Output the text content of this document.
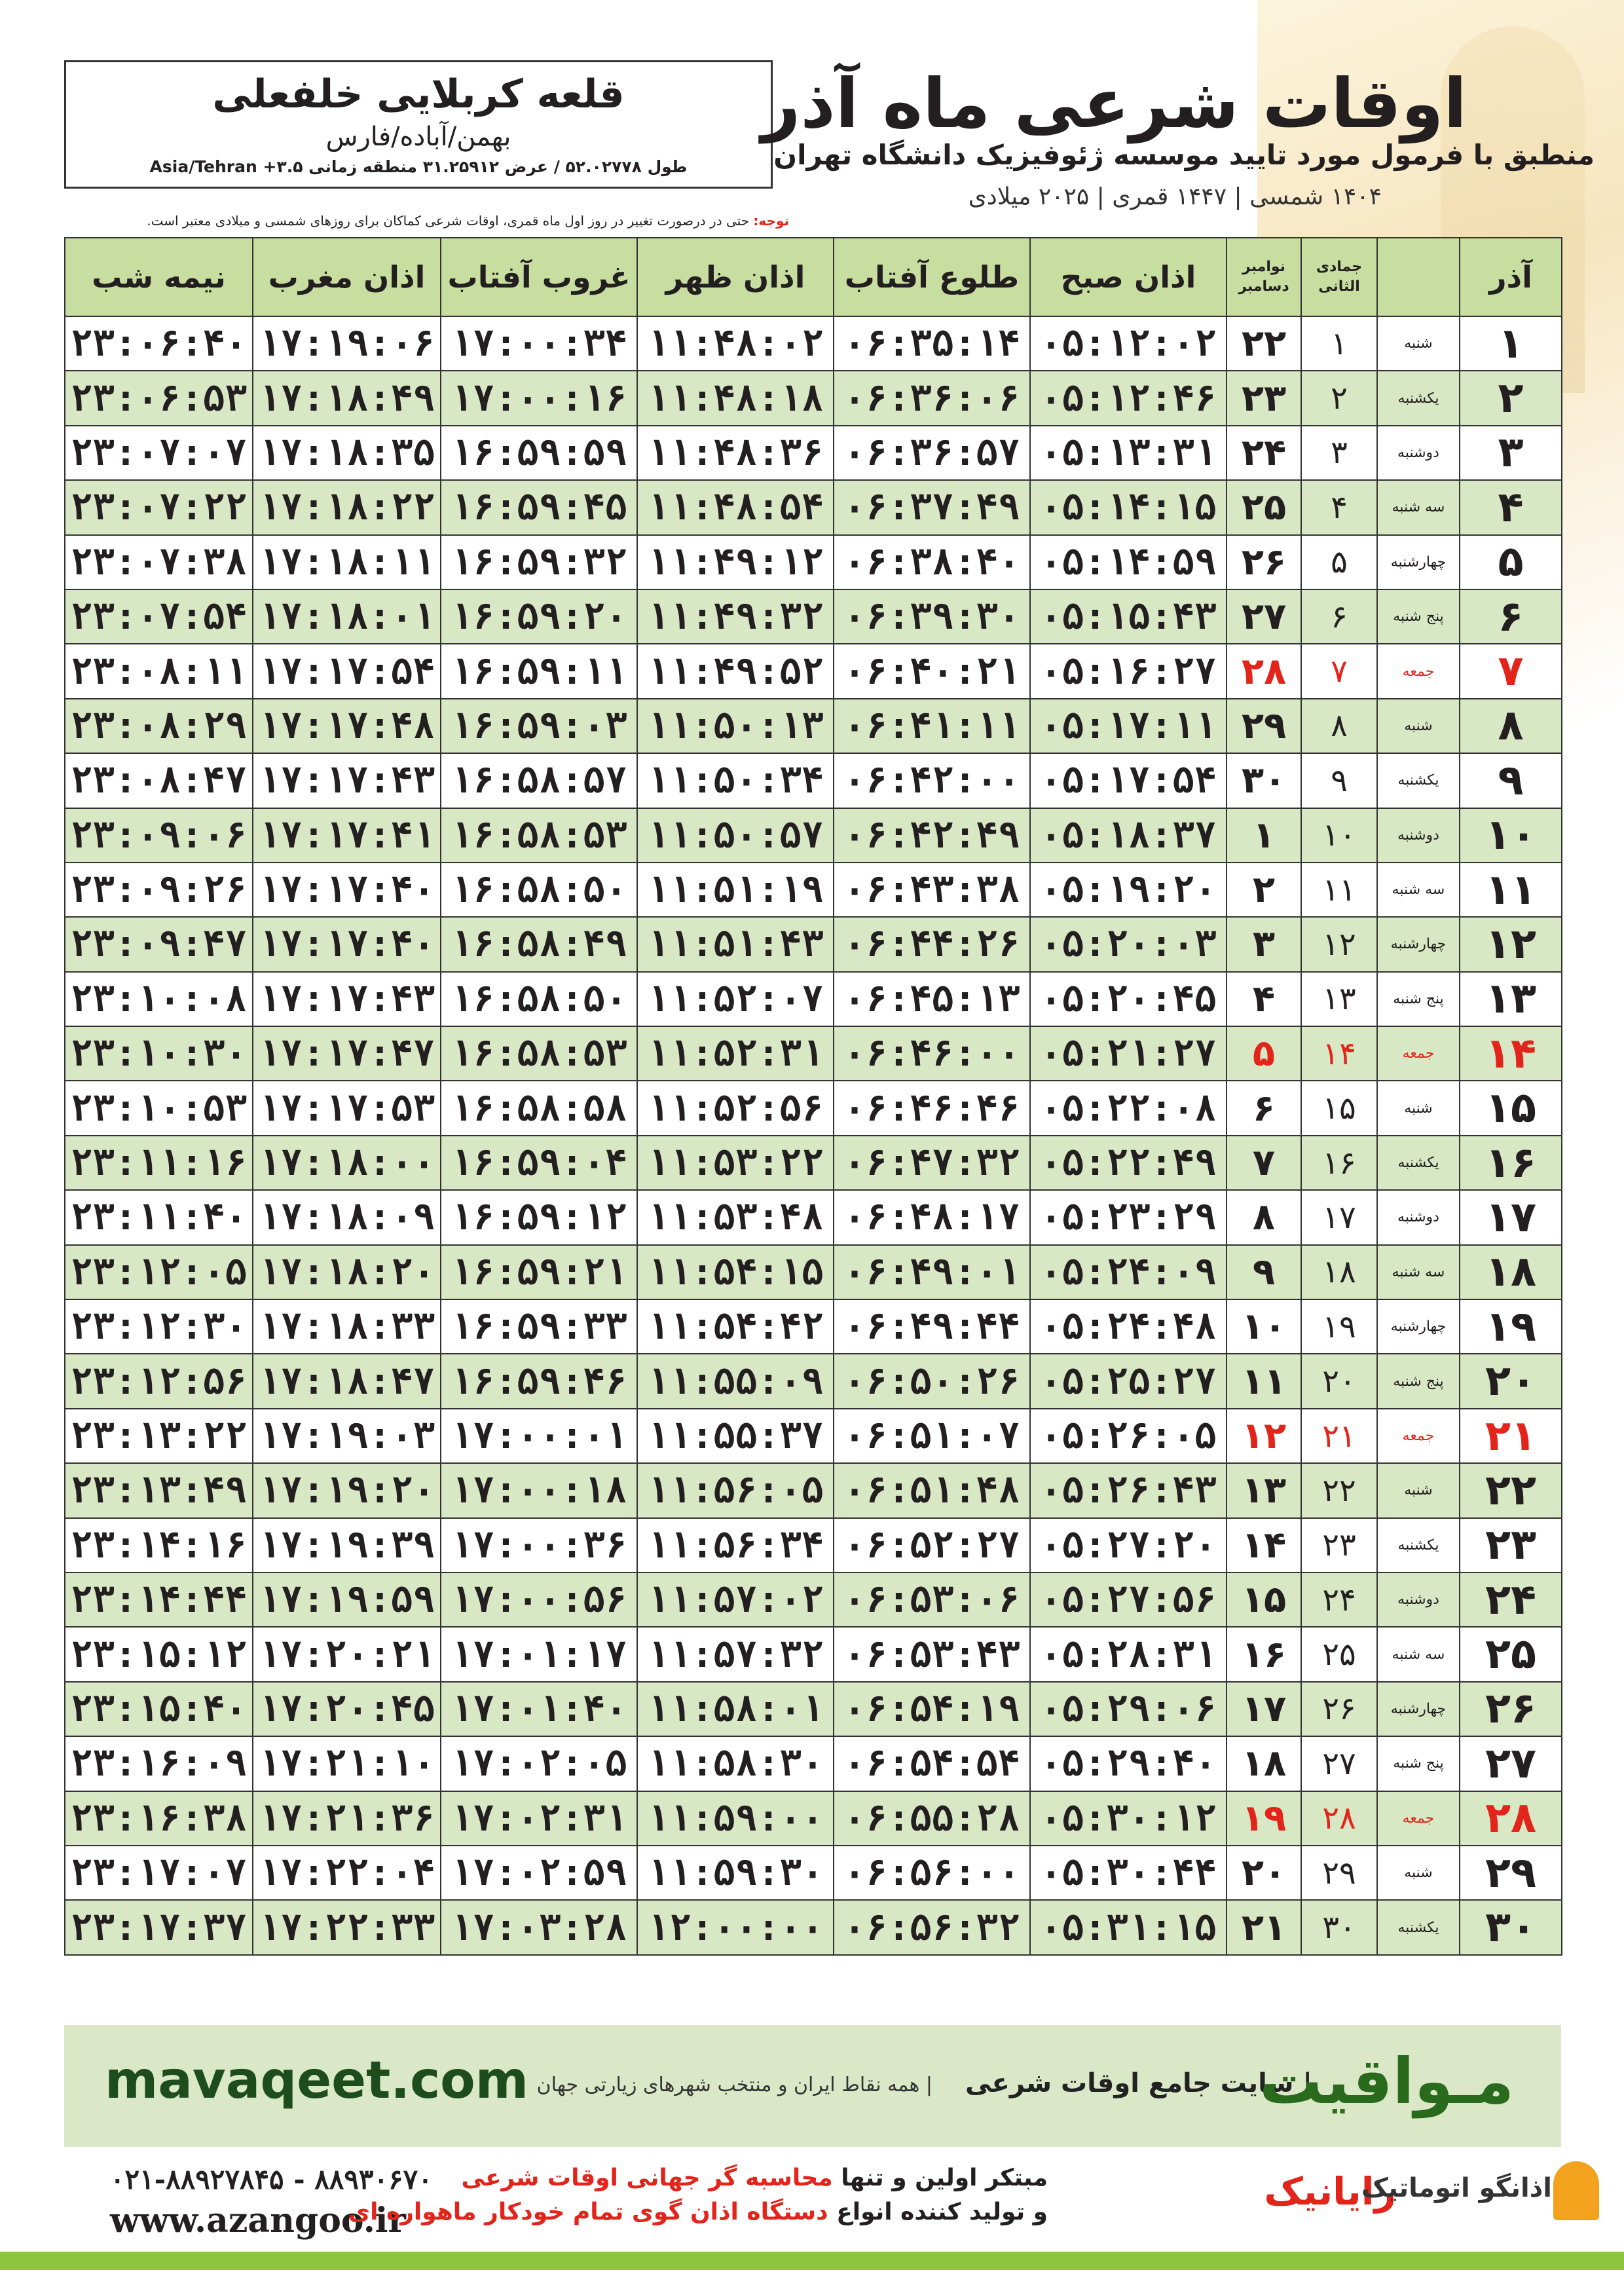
قلعه کربلایی خلفعلی
بهمن/آباده/فارس
طول ۵۲.۰۲۷۷۸ / عرض ۳۱.۲۵۹۱۲ منطقه زمانی Asia/Tehran +۳.۵
اوقات شرعی ماه آذر
منطبق با فرمول مورد تایید موسسه ژئوفیزیک دانشگاه تهران
۱۴۰۴ شمسی | ۱۴۴۷ قمری | ۲۰۲۵ میلادی
توجه: حتی در درصورت تغییر در روز اول ماه قمری، اوقات شرعی کماکان برای روزهای شمسی و میلادی معتبر است.
نیمه شب	اذان مغرب	غروب آفتاب	اذان ظهر	طلوع آفتاب	اذان صبح	نوامبر
دسامبر	جمادی الثانی		آذر
۲۳:۰۶:۴۰	۱۷:۱۹:۰۶	۱۷:۰۰:۳۴	۱۱:۴۸:۰۲	۰۶:۳۵:۱۴	۰۵:۱۲:۰۲	۲۲	۱	شنبه	۱
۲۳:۰۶:۵۳	۱۷:۱۸:۴۹	۱۷:۰۰:۱۶	۱۱:۴۸:۱۸	۰۶:۳۶:۰۶	۰۵:۱۲:۴۶	۲۳	۲	یکشنبه	۲
۲۳:۰۷:۰۷	۱۷:۱۸:۳۵	۱۶:۵۹:۵۹	۱۱:۴۸:۳۶	۰۶:۳۶:۵۷	۰۵:۱۳:۳۱	۲۴	۳	دوشنبه	۳
۲۳:۰۷:۲۲	۱۷:۱۸:۲۲	۱۶:۵۹:۴۵	۱۱:۴۸:۵۴	۰۶:۳۷:۴۹	۰۵:۱۴:۱۵	۲۵	۴	سه شنبه	۴
۲۳:۰۷:۳۸	۱۷:۱۸:۱۱	۱۶:۵۹:۳۲	۱۱:۴۹:۱۲	۰۶:۳۸:۴۰	۰۵:۱۴:۵۹	۲۶	۵	چهارشنبه	۵
۲۳:۰۷:۵۴	۱۷:۱۸:۰۱	۱۶:۵۹:۲۰	۱۱:۴۹:۳۲	۰۶:۳۹:۳۰	۰۵:۱۵:۴۳	۲۷	۶	پنج شنبه	۶
۲۳:۰۸:۱۱	۱۷:۱۷:۵۴	۱۶:۵۹:۱۱	۱۱:۴۹:۵۲	۰۶:۴۰:۲۱	۰۵:۱۶:۲۷	۲۸	۷	جمعه	۷
۲۳:۰۸:۲۹	۱۷:۱۷:۴۸	۱۶:۵۹:۰۳	۱۱:۵۰:۱۳	۰۶:۴۱:۱۱	۰۵:۱۷:۱۱	۲۹	۸	شنبه	۸
۲۳:۰۸:۴۷	۱۷:۱۷:۴۳	۱۶:۵۸:۵۷	۱۱:۵۰:۳۴	۰۶:۴۲:۰۰	۰۵:۱۷:۵۴	۳۰	۹	یکشنبه	۹
۲۳:۰۹:۰۶	۱۷:۱۷:۴۱	۱۶:۵۸:۵۳	۱۱:۵۰:۵۷	۰۶:۴۲:۴۹	۰۵:۱۸:۳۷	۱	۱۰	دوشنبه	۱۰
۲۳:۰۹:۲۶	۱۷:۱۷:۴۰	۱۶:۵۸:۵۰	۱۱:۵۱:۱۹	۰۶:۴۳:۳۸	۰۵:۱۹:۲۰	۲	۱۱	سه شنبه	۱۱
۲۳:۰۹:۴۷	۱۷:۱۷:۴۰	۱۶:۵۸:۴۹	۱۱:۵۱:۴۳	۰۶:۴۴:۲۶	۰۵:۲۰:۰۳	۳	۱۲	چهارشنبه	۱۲
۲۳:۱۰:۰۸	۱۷:۱۷:۴۳	۱۶:۵۸:۵۰	۱۱:۵۲:۰۷	۰۶:۴۵:۱۳	۰۵:۲۰:۴۵	۴	۱۳	پنج شنبه	۱۳
۲۳:۱۰:۳۰	۱۷:۱۷:۴۷	۱۶:۵۸:۵۳	۱۱:۵۲:۳۱	۰۶:۴۶:۰۰	۰۵:۲۱:۲۷	۵	۱۴	جمعه	۱۴
۲۳:۱۰:۵۳	۱۷:۱۷:۵۳	۱۶:۵۸:۵۸	۱۱:۵۲:۵۶	۰۶:۴۶:۴۶	۰۵:۲۲:۰۸	۶	۱۵	شنبه	۱۵
۲۳:۱۱:۱۶	۱۷:۱۸:۰۰	۱۶:۵۹:۰۴	۱۱:۵۳:۲۲	۰۶:۴۷:۳۲	۰۵:۲۲:۴۹	۷	۱۶	یکشنبه	۱۶
۲۳:۱۱:۴۰	۱۷:۱۸:۰۹	۱۶:۵۹:۱۲	۱۱:۵۳:۴۸	۰۶:۴۸:۱۷	۰۵:۲۳:۲۹	۸	۱۷	دوشنبه	۱۷
۲۳:۱۲:۰۵	۱۷:۱۸:۲۰	۱۶:۵۹:۲۱	۱۱:۵۴:۱۵	۰۶:۴۹:۰۱	۰۵:۲۴:۰۹	۹	۱۸	سه شنبه	۱۸
۲۳:۱۲:۳۰	۱۷:۱۸:۳۳	۱۶:۵۹:۳۳	۱۱:۵۴:۴۲	۰۶:۴۹:۴۴	۰۵:۲۴:۴۸	۱۰	۱۹	چهارشنبه	۱۹
۲۳:۱۲:۵۶	۱۷:۱۸:۴۷	۱۶:۵۹:۴۶	۱۱:۵۵:۰۹	۰۶:۵۰:۲۶	۰۵:۲۵:۲۷	۱۱	۲۰	پنج شنبه	۲۰
۲۳:۱۳:۲۲	۱۷:۱۹:۰۳	۱۷:۰۰:۰۱	۱۱:۵۵:۳۷	۰۶:۵۱:۰۷	۰۵:۲۶:۰۵	۱۲	۲۱	جمعه	۲۱
۲۳:۱۳:۴۹	۱۷:۱۹:۲۰	۱۷:۰۰:۱۸	۱۱:۵۶:۰۵	۰۶:۵۱:۴۸	۰۵:۲۶:۴۳	۱۳	۲۲	شنبه	۲۲
۲۳:۱۴:۱۶	۱۷:۱۹:۳۹	۱۷:۰۰:۳۶	۱۱:۵۶:۳۴	۰۶:۵۲:۲۷	۰۵:۲۷:۲۰	۱۴	۲۳	یکشنبه	۲۳
۲۳:۱۴:۴۴	۱۷:۱۹:۵۹	۱۷:۰۰:۵۶	۱۱:۵۷:۰۲	۰۶:۵۳:۰۶	۰۵:۲۷:۵۶	۱۵	۲۴	دوشنبه	۲۴
۲۳:۱۵:۱۲	۱۷:۲۰:۲۱	۱۷:۰۱:۱۷	۱۱:۵۷:۳۲	۰۶:۵۳:۴۳	۰۵:۲۸:۳۱	۱۶	۲۵	سه شنبه	۲۵
۲۳:۱۵:۴۰	۱۷:۲۰:۴۵	۱۷:۰۱:۴۰	۱۱:۵۸:۰۱	۰۶:۵۴:۱۹	۰۵:۲۹:۰۶	۱۷	۲۶	چهارشنبه	۲۶
۲۳:۱۶:۰۹	۱۷:۲۱:۱۰	۱۷:۰۲:۰۵	۱۱:۵۸:۳۰	۰۶:۵۴:۵۴	۰۵:۲۹:۴۰	۱۸	۲۷	پنج شنبه	۲۷
۲۳:۱۶:۳۸	۱۷:۲۱:۳۶	۱۷:۰۲:۳۱	۱۱:۵۹:۰۰	۰۶:۵۵:۲۸	۰۵:۳۰:۱۲	۱۹	۲۸	جمعه	۲۸
۲۳:۱۷:۰۷	۱۷:۲۲:۰۴	۱۷:۰۲:۵۹	۱۱:۵۹:۳۰	۰۶:۵۶:۰۰	۰۵:۳۰:۴۴	۲۰	۲۹	شنبه	۲۹
۲۳:۱۷:۳۷	۱۷:۲۲:۳۳	۱۷:۰۳:۲۸	۱۲:۰۰:۰۰	۰۶:۵۶:۳۲	۰۵:۳۱:۱۵	۲۱	۳۰	یکشنبه	۳۰
mavaqeet.com | همه نقاط ایران و منتخب شهرهای زیارتی جهان | سایت جامع اوقات شرعی
مـواقیت
۰۲۱-۸۸۹۲۷۸۴۵ - ۸۸۹۳۰۶۷۰
www.azangoo.ir
مبتکر اولین و تنها محاسبه گر جهانی اوقات شرعی
و تولید کننده انواع دستگاه اذان گوی تمام خودکار ماهواره ای	رایانیک
اذانگو اتوماتیک
